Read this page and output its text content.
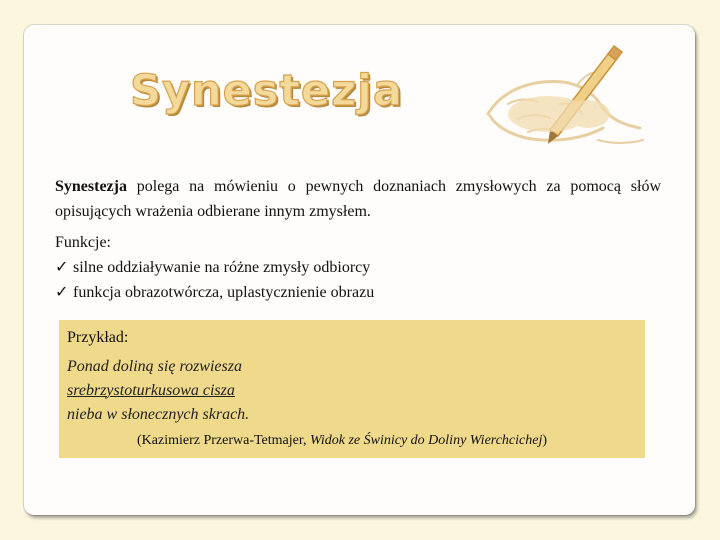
Synestezja
Synestezja polega na mówieniu o pewnych doznaniach zmysłowych za pomocą słów opisujących wrażenia odbierane innym zmysłem.
Funkcje:
✓ silne oddziaływanie na różne zmysły odbiorcy
✓ funkcja obrazotwórcza, uplastycznienie obrazu
Przykład:
Ponad doliną się rozwiesza
srebrzystoturkusowa cisza
nieba w słonecznych skrach.
(Kazimierz Przerwa-Tetmajer, Widok ze Świnicy do Doliny Wierchcichej)
